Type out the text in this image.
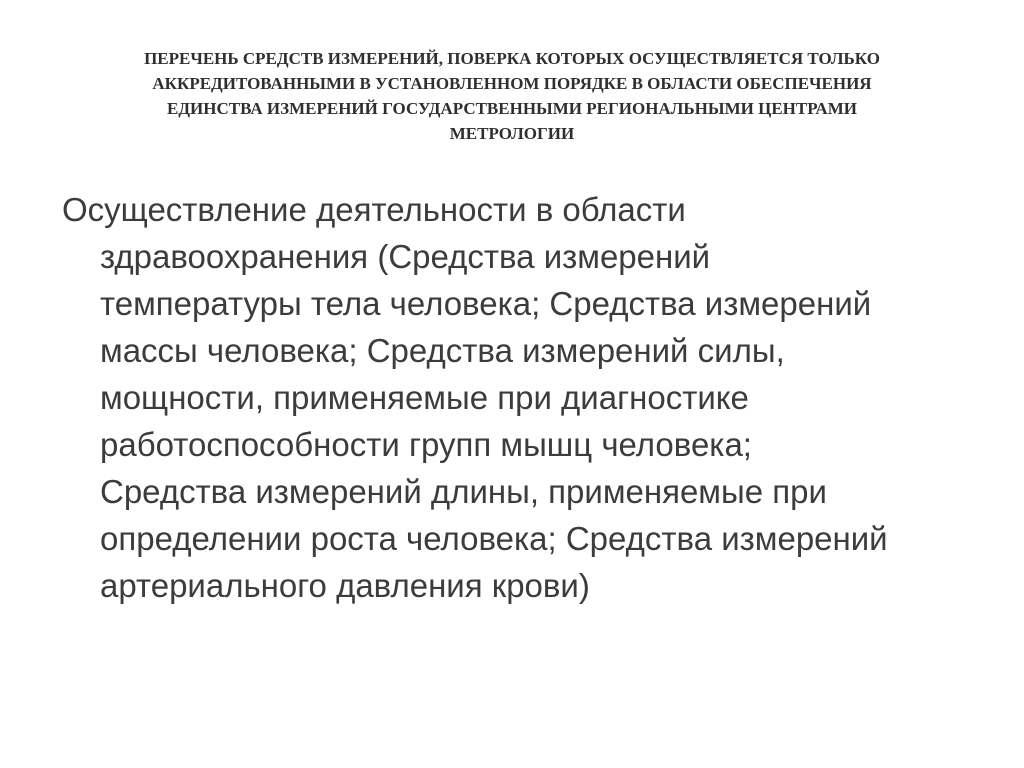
ПЕРЕЧЕНЬ СРЕДСТВ ИЗМЕРЕНИЙ, ПОВЕРКА КОТОРЫХ ОСУЩЕСТВЛЯЕТСЯ ТОЛЬКО
АККРЕДИТОВАННЫМИ В УСТАНОВЛЕННОМ ПОРЯДКЕ В ОБЛАСТИ ОБЕСПЕЧЕНИЯ
ЕДИНСТВА ИЗМЕРЕНИЙ ГОСУДАРСТВЕННЫМИ РЕГИОНАЛЬНЫМИ ЦЕНТРАМИ
МЕТРОЛОГИИ

Осуществление деятельности в области
здравоохранения (Средства измерений
температуры тела человека; Средства измерений
массы человека; Средства измерений силы,
мощности, применяемые при диагностике
работоспособности групп мышц человека;
Средства измерений длины, применяемые при
определении роста человека; Средства измерений
артериального давления крови)
